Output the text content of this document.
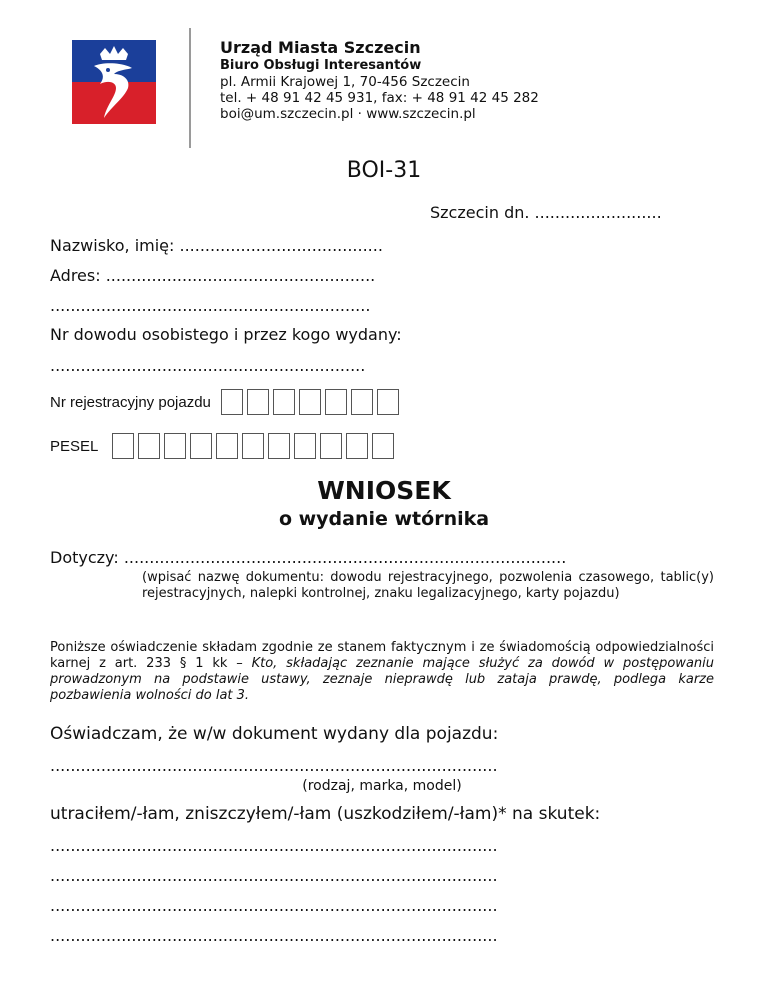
Urząd Miasta Szczecin
Biuro Obsługi Interesantów
pl. Armii Krajowej 1, 70-456 Szczecin
tel. + 48 91 42 45 931, fax: + 48 91 42 45 282
boi@um.szczecin.pl · www.szczecin.pl
BOI-31
Szczecin dn. .........................
Nazwisko, imię: ........................................
Adres: .....................................................
...............................................................
Nr dowodu osobistego i przez kogo wydany:
..............................................................
Nr rejestracyjny pojazdu
PESEL
WNIOSEK
o wydanie wtórnika
Dotyczy: .......................................................................................
(wpisać nazwę dokumentu: dowodu rejestracyjnego, pozwolenia czasowego, tablic(y) rejestracyjnych, nalepki kontrolnej, znaku legalizacyjnego, karty pojazdu)
Poniższe oświadczenie składam zgodnie ze stanem faktycznym i ze świadomością odpowiedzialności karnej z art. 233 § 1 kk – Kto, składając zeznanie mające służyć za dowód w postępowaniu prowadzonym na podstawie ustawy, zeznaje nieprawdę lub zataja prawdę, podlega karze pozbawienia wolności do lat 3.
Oświadczam, że w/w dokument wydany dla pojazdu:
........................................................................................
(rodzaj, marka, model)
utraciłem/-łam, zniszczyłem/-łam (uszkodziłem/-łam)* na skutek:
........................................................................................
........................................................................................
........................................................................................
........................................................................................
